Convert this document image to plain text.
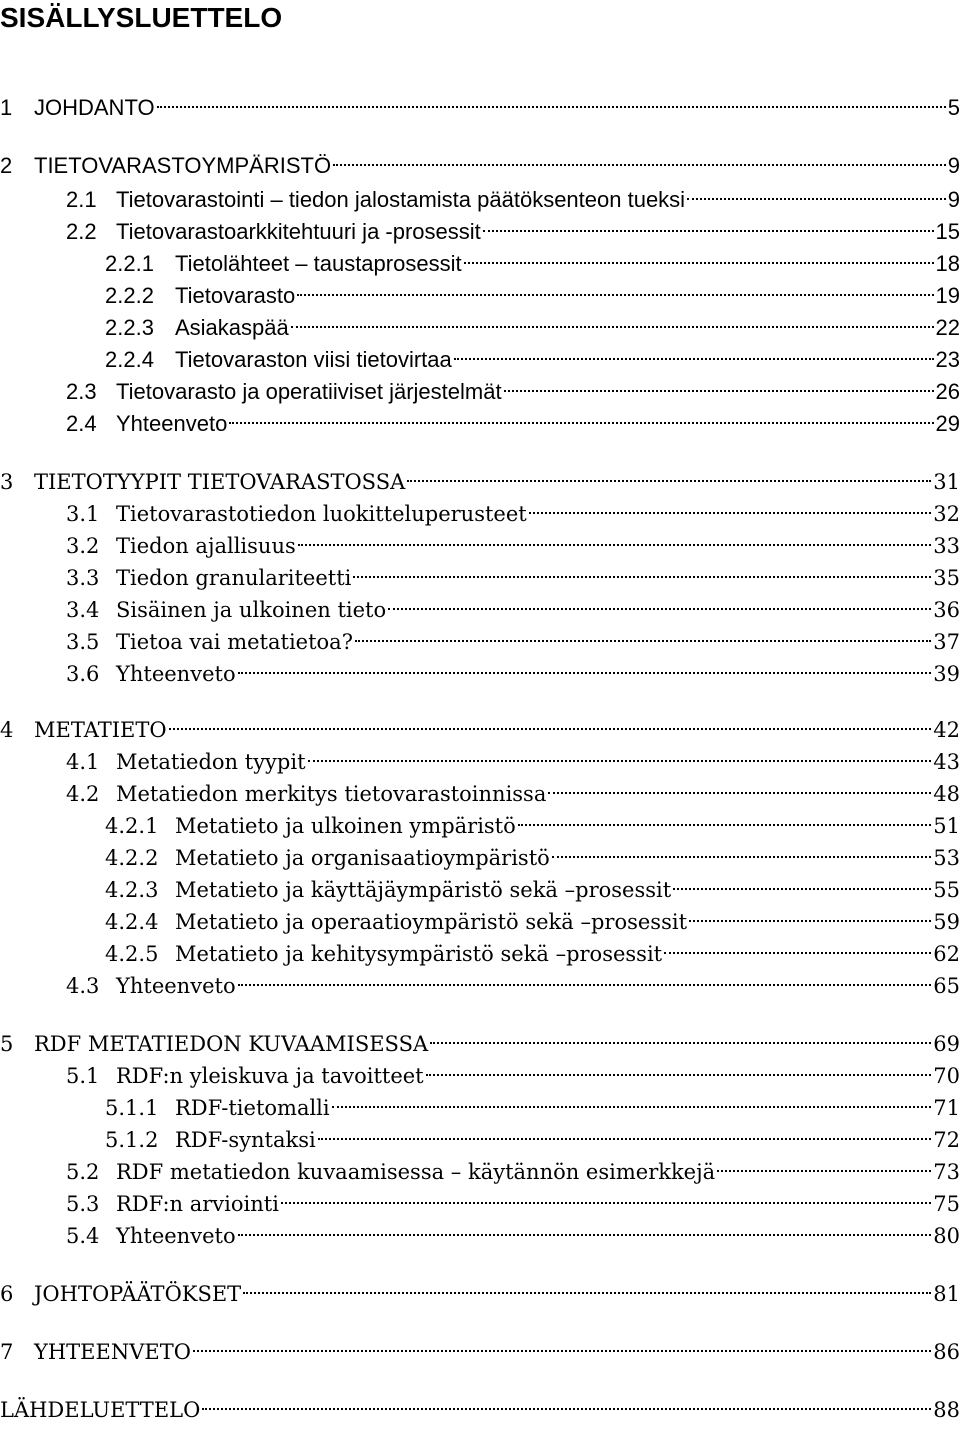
SISÄLLYSLUETTELO
1 JOHDANTO	5
2 TIETOVARASTOYMPÄRISTÖ	9
2.1 Tietovarastointi – tiedon jalostamista päätöksenteon tueksi	9
2.2 Tietovarastoarkkitehtuuri ja -prosessit	15
2.2.1 Tietolähteet – taustaprosessit	18
2.2.2 Tietovarasto	19
2.2.3 Asiakaspää	22
2.2.4 Tietovaraston viisi tietovirtaa	23
2.3 Tietovarasto ja operatiiviset järjestelmät	26
2.4 Yhteenveto	29
3 TIETOTYYPIT TIETOVARASTOSSA	31
3.1 Tietovarastotiedon luokitteluperusteet	32
3.2 Tiedon ajallisuus	33
3.3 Tiedon granulariteetti	35
3.4 Sisäinen ja ulkoinen tieto	36
3.5 Tietoa vai metatietoa?	37
3.6 Yhteenveto	39
4 METATIETO	42
4.1 Metatiedon tyypit	43
4.2 Metatiedon merkitys tietovarastoinnissa	48
4.2.1 Metatieto ja ulkoinen ympäristö	51
4.2.2 Metatieto ja organisaatioympäristö	53
4.2.3 Metatieto ja käyttäjäympäristö sekä –prosessit	55
4.2.4 Metatieto ja operaatioympäristö sekä –prosessit	59
4.2.5 Metatieto ja kehitysympäristö sekä –prosessit	62
4.3 Yhteenveto	65
5 RDF METATIEDON KUVAAMISESSA	69
5.1 RDF:n yleiskuva ja tavoitteet	70
5.1.1 RDF-tietomalli	71
5.1.2 RDF-syntaksi	72
5.2 RDF metatiedon kuvaamisessa – käytännön esimerkkejä	73
5.3 RDF:n arviointi	75
5.4 Yhteenveto	80
6 JOHTOPÄÄTÖKSET	81
7 YHTEENVETO	86
LÄHDELUETTELO	88
